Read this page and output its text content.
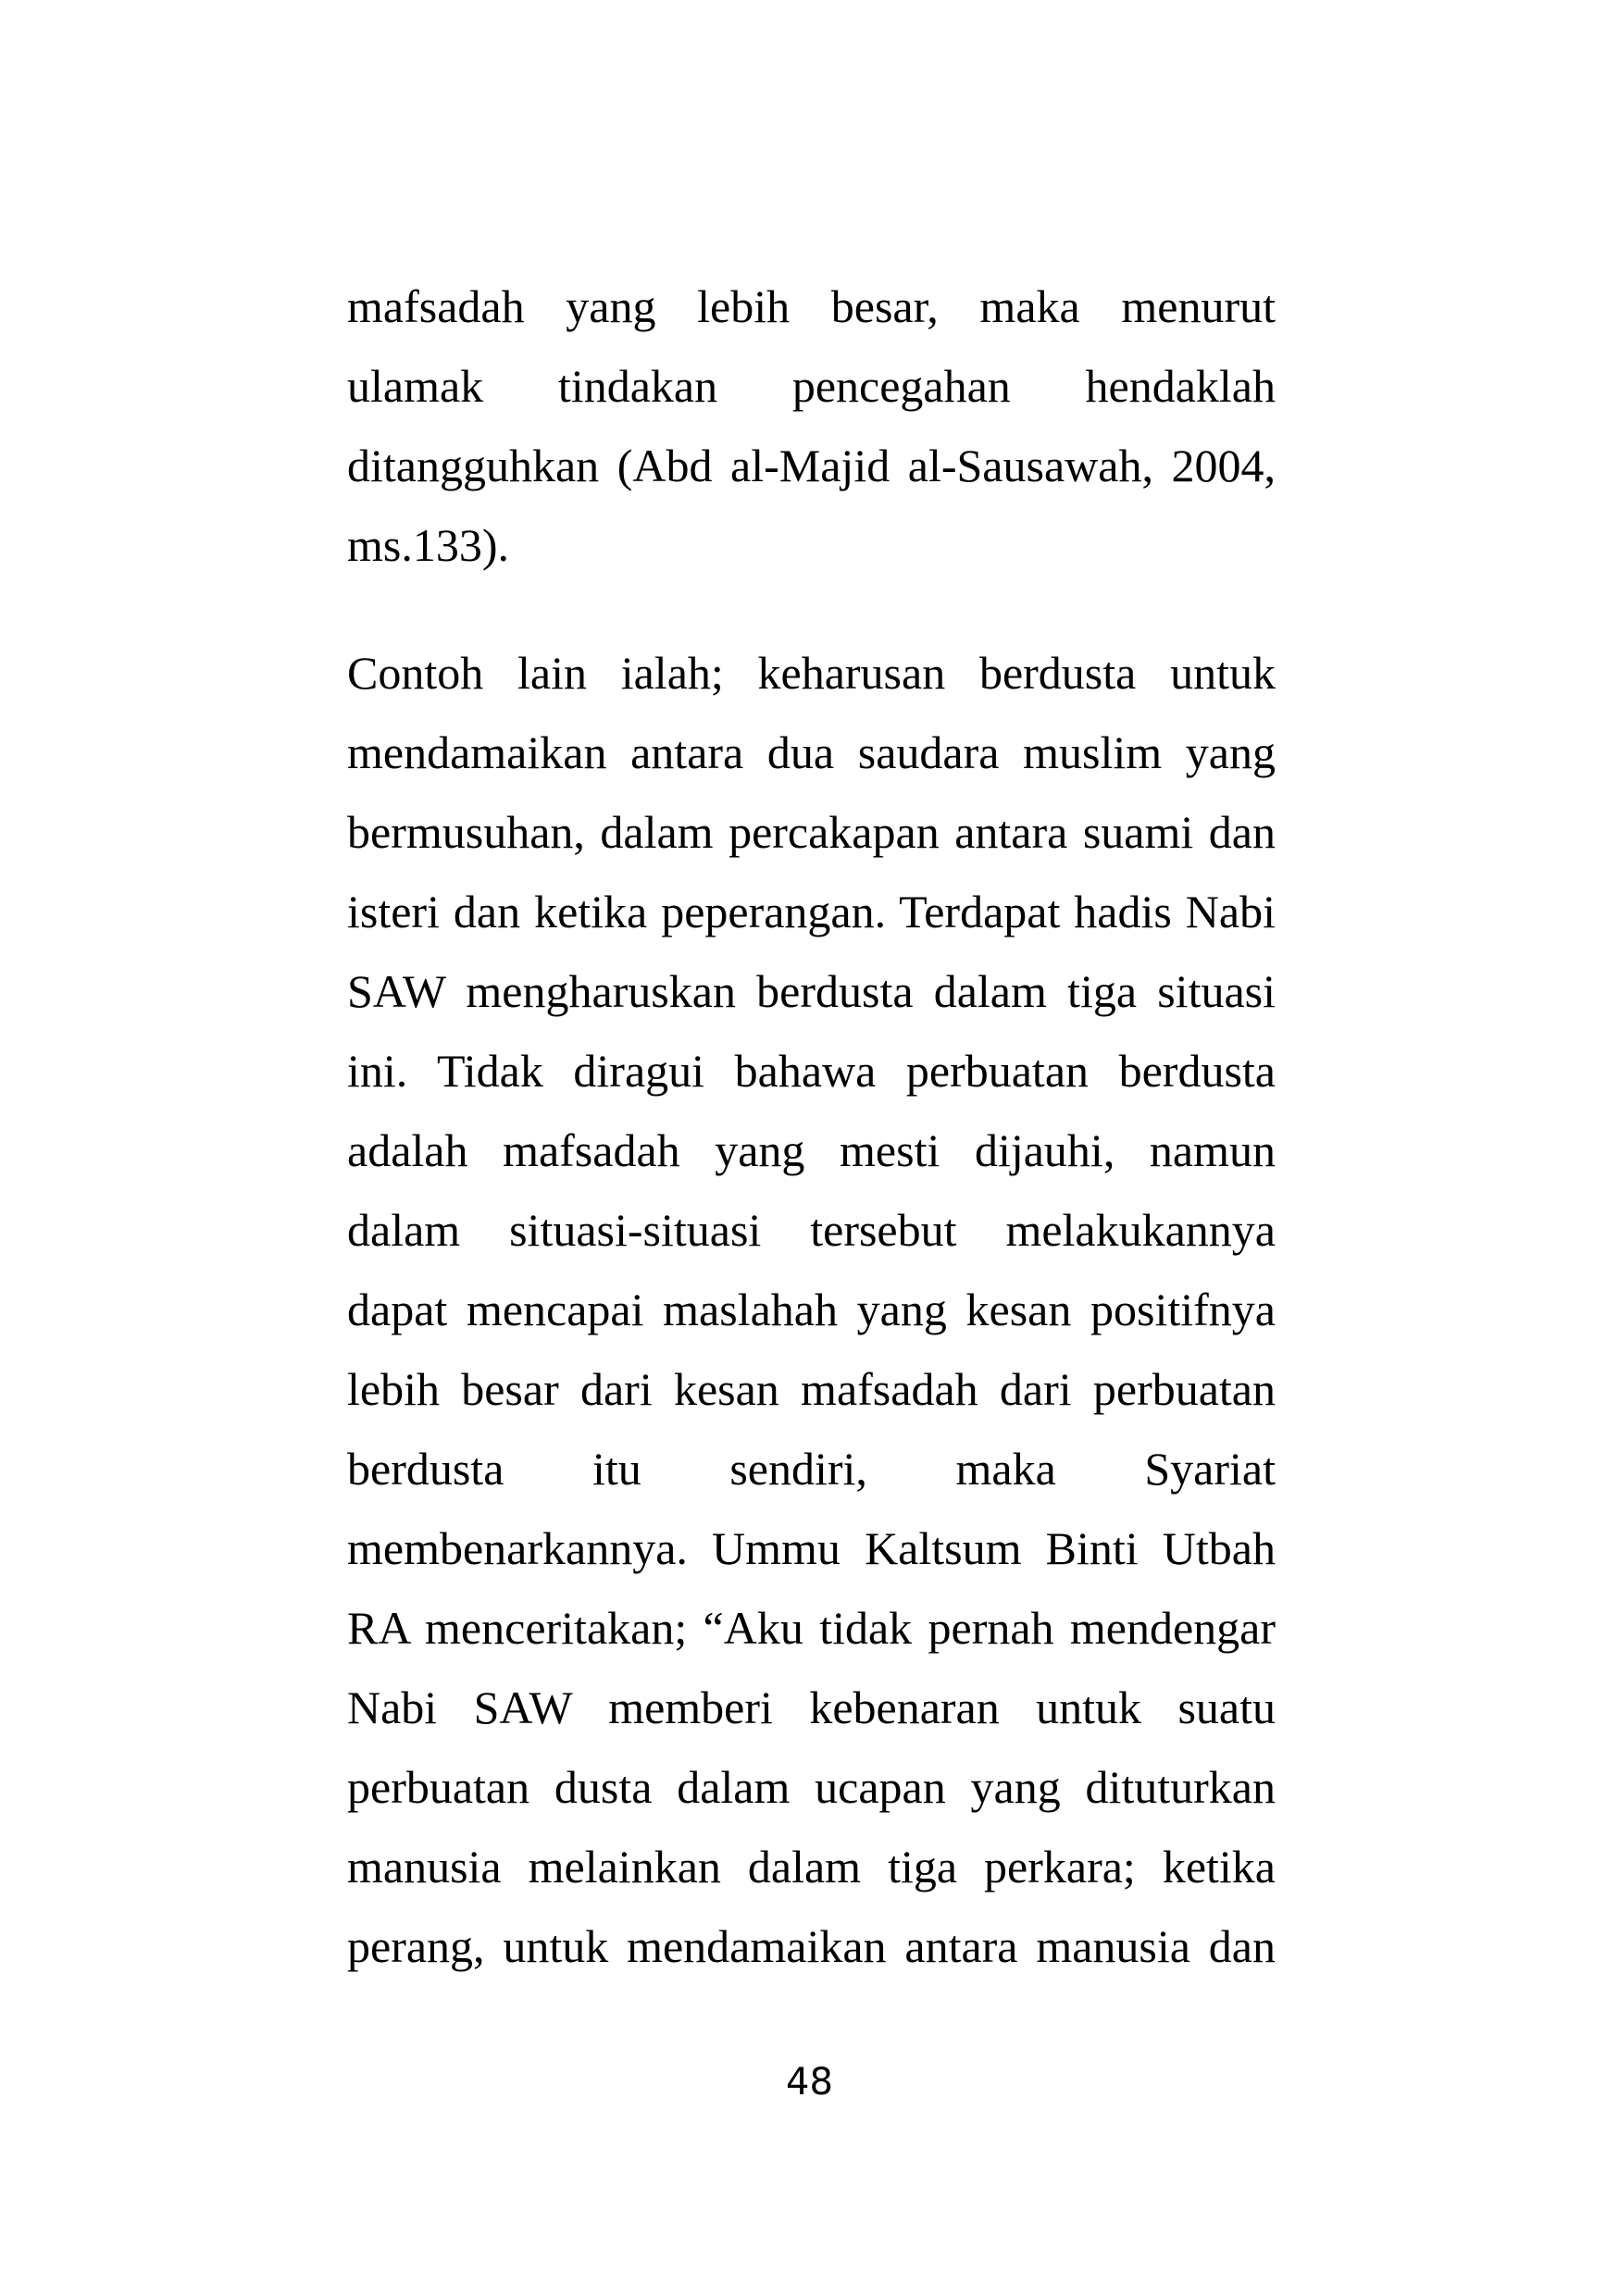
mafsadah yang lebih besar, maka menurut
ulamak tindakan pencegahan hendaklah
ditangguhkan (Abd al-Majid al-Sausawah, 2004,
ms.133).
Contoh lain ialah; keharusan berdusta untuk
mendamaikan antara dua saudara muslim yang
bermusuhan, dalam percakapan antara suami dan
isteri dan ketika peperangan. Terdapat hadis Nabi
SAW mengharuskan berdusta dalam tiga situasi
ini. Tidak diragui bahawa perbuatan berdusta
adalah mafsadah yang mesti dijauhi, namun
dalam situasi-situasi tersebut melakukannya
dapat mencapai maslahah yang kesan positifnya
lebih besar dari kesan mafsadah dari perbuatan
berdusta itu sendiri, maka Syariat
membenarkannya. Ummu Kaltsum Binti Utbah
RA menceritakan; “Aku tidak pernah mendengar
Nabi SAW memberi kebenaran untuk suatu
perbuatan dusta dalam ucapan yang dituturkan
manusia melainkan dalam tiga perkara; ketika
perang, untuk mendamaikan antara manusia dan
48
